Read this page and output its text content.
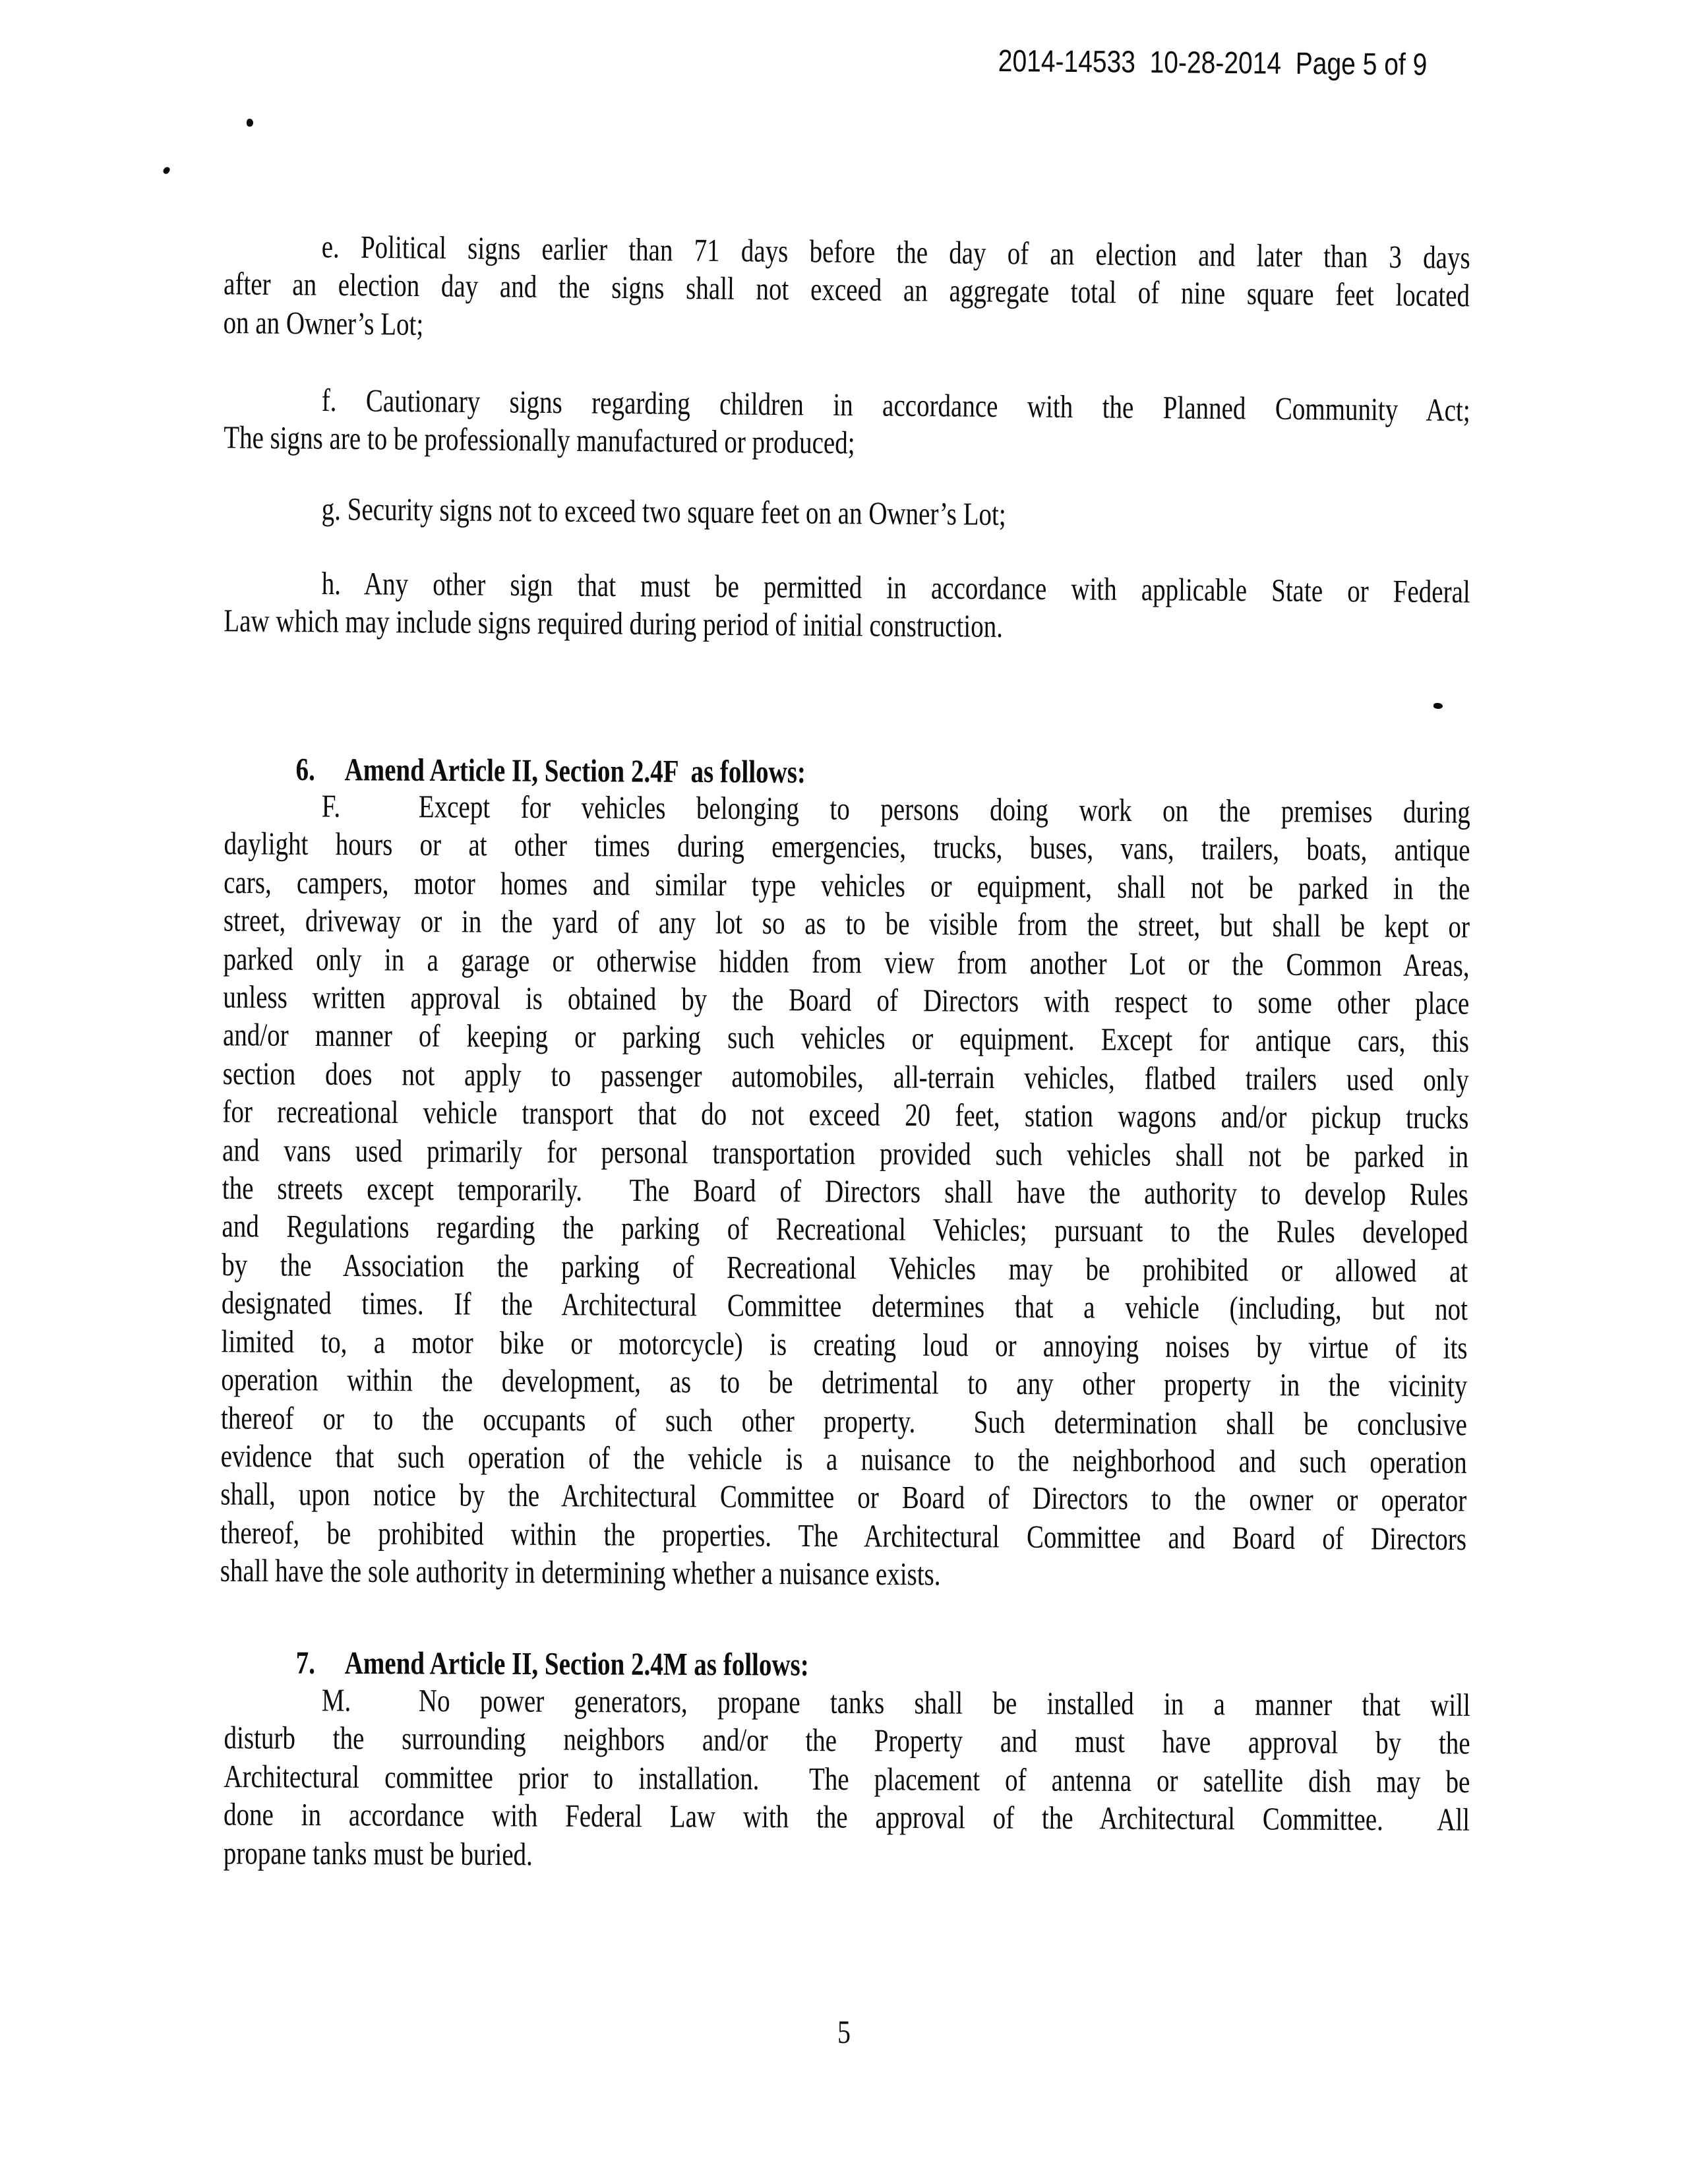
2014-14533  10-28-2014  Page 5 of 9
e. Political signs earlier than 71 days before the day of an election and later than 3 days
after an election day and the signs shall not exceed an aggregate total of nine square feet located
on an Owner’s Lot;
f. Cautionary signs regarding children in accordance with the Planned Community Act;
The signs are to be professionally manufactured or produced;
g. Security signs not to exceed two square feet on an Owner’s Lot;
h. Any other sign that must be permitted in accordance with applicable State or Federal
Law which may include signs required during period of initial construction.

6. Amend Article II, Section 2.4F  as follows:

F.	Except for vehicles belonging to persons doing work on the premises during
daylight hours or at other times during emergencies, trucks, buses, vans, trailers, boats, antique
cars, campers, motor homes and similar type vehicles or equipment, shall not be parked in the
street, driveway or in the yard of any lot so as to be visible from the street, but shall be kept or
parked only in a garage or otherwise hidden from view from another Lot or the Common Areas,
unless written approval is obtained by the Board of Directors with respect to some other place
and/or manner of keeping or parking such vehicles or equipment. Except for antique cars, this
section does not apply to passenger automobiles, all-terrain vehicles, flatbed trailers used only
for recreational vehicle transport that do not exceed 20 feet, station wagons and/or pickup trucks
and vans used primarily for personal transportation provided such vehicles shall not be parked in
the streets except temporarily.  The Board of Directors shall have the authority to develop Rules
and Regulations regarding the parking of Recreational Vehicles; pursuant to the Rules developed
by the Association the parking of Recreational Vehicles may be prohibited or allowed at
designated times. If the Architectural Committee determines that a vehicle (including, but not
limited to, a motor bike or motorcycle) is creating loud or annoying noises by virtue of its
operation within the development, as to be detrimental to any other property in the vicinity
thereof or to the occupants of such other property.  Such determination shall be conclusive
evidence that such operation of the vehicle is a nuisance to the neighborhood and such operation
shall, upon notice by the Architectural Committee or Board of Directors to the owner or operator
thereof, be prohibited within the properties. The Architectural Committee and Board of Directors
shall have the sole authority in determining whether a nuisance exists.

7. Amend Article II, Section 2.4M as follows:

M.	No power generators, propane tanks shall be installed in a manner that will
disturb the surrounding neighbors and/or the Property and must have approval by the
Architectural committee prior to installation.  The placement of antenna or satellite dish may be
done in accordance with Federal Law with the approval of the Architectural Committee.  All
propane tanks must be buried.
5
